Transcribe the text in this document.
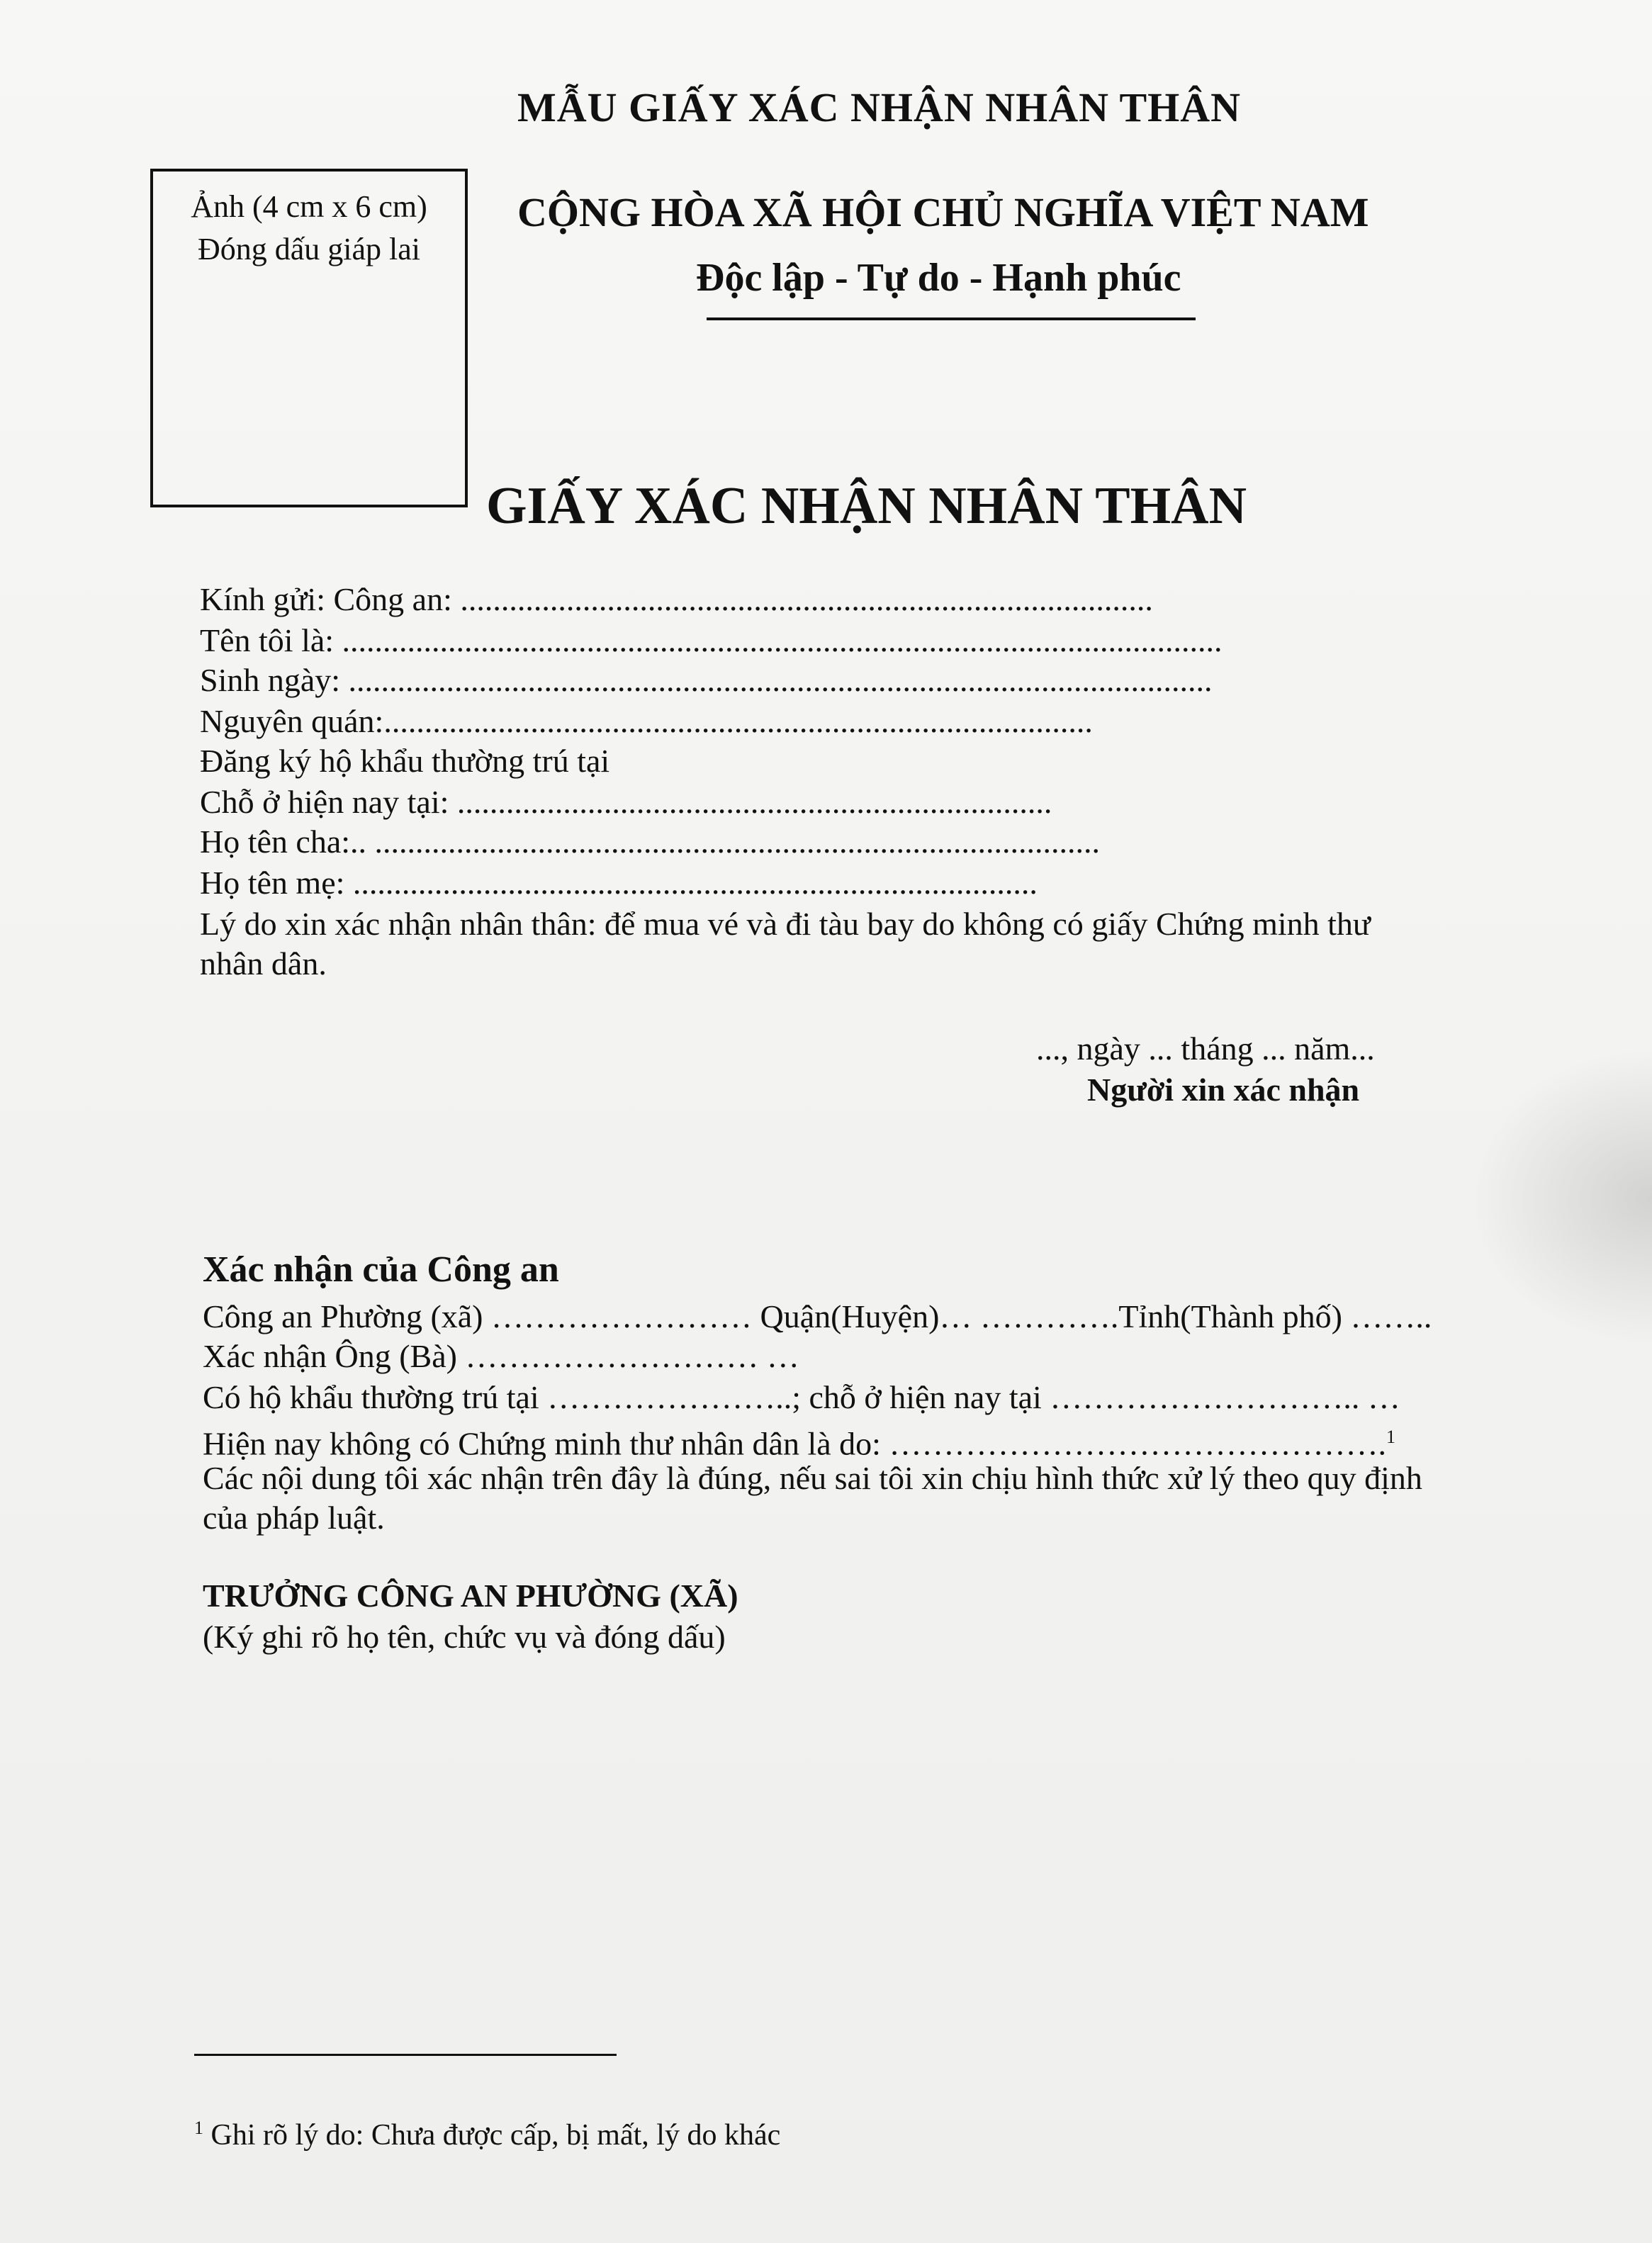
MẪU GIẤY XÁC NHẬN NHÂN THÂN
Ảnh (4 cm x 6 cm)
Đóng dấu giáp lai
CỘNG HÒA XÃ HỘI CHỦ NGHĨA VIỆT NAM
Độc lập - Tự do - Hạnh phúc
GIẤY XÁC NHẬN NHÂN THÂN
Kính gửi: Công an: .....................................................................................
Tên tôi là: ............................................................................................................
Sinh ngày: ..........................................................................................................
Nguyên quán:.......................................................................................
Đăng ký hộ khẩu thường trú tại
Chỗ ở hiện nay tại: .........................................................................
Họ tên cha:.. .........................................................................................
Họ tên mẹ: ....................................................................................
Lý do xin xác nhận nhân thân: để mua vé và đi tàu bay do không có giấy Chứng minh thư
nhân dân.
..., ngày ... tháng ... năm...
Người xin xác nhận
Xác nhận của Công an
Công an Phường (xã) …………………… Quận(Huyện)… ………….Tỉnh(Thành phố) ……..
Xác nhận Ông (Bà) ……………………… …
Có hộ khẩu thường trú tại …………………..; chỗ ở hiện nay tại ……………………….. …
Hiện nay không có Chứng minh thư nhân dân là do: ……………………………………….$^1$
Các nội dung tôi xác nhận trên đây là đúng, nếu sai tôi xin chịu hình thức xử lý theo quy định
của pháp luật.
TRƯỞNG CÔNG AN PHƯỜNG (XÃ)
(Ký ghi rõ họ tên, chức vụ và đóng dấu)
$^1$ Ghi rõ lý do: Chưa được cấp, bị mất, lý do khác
